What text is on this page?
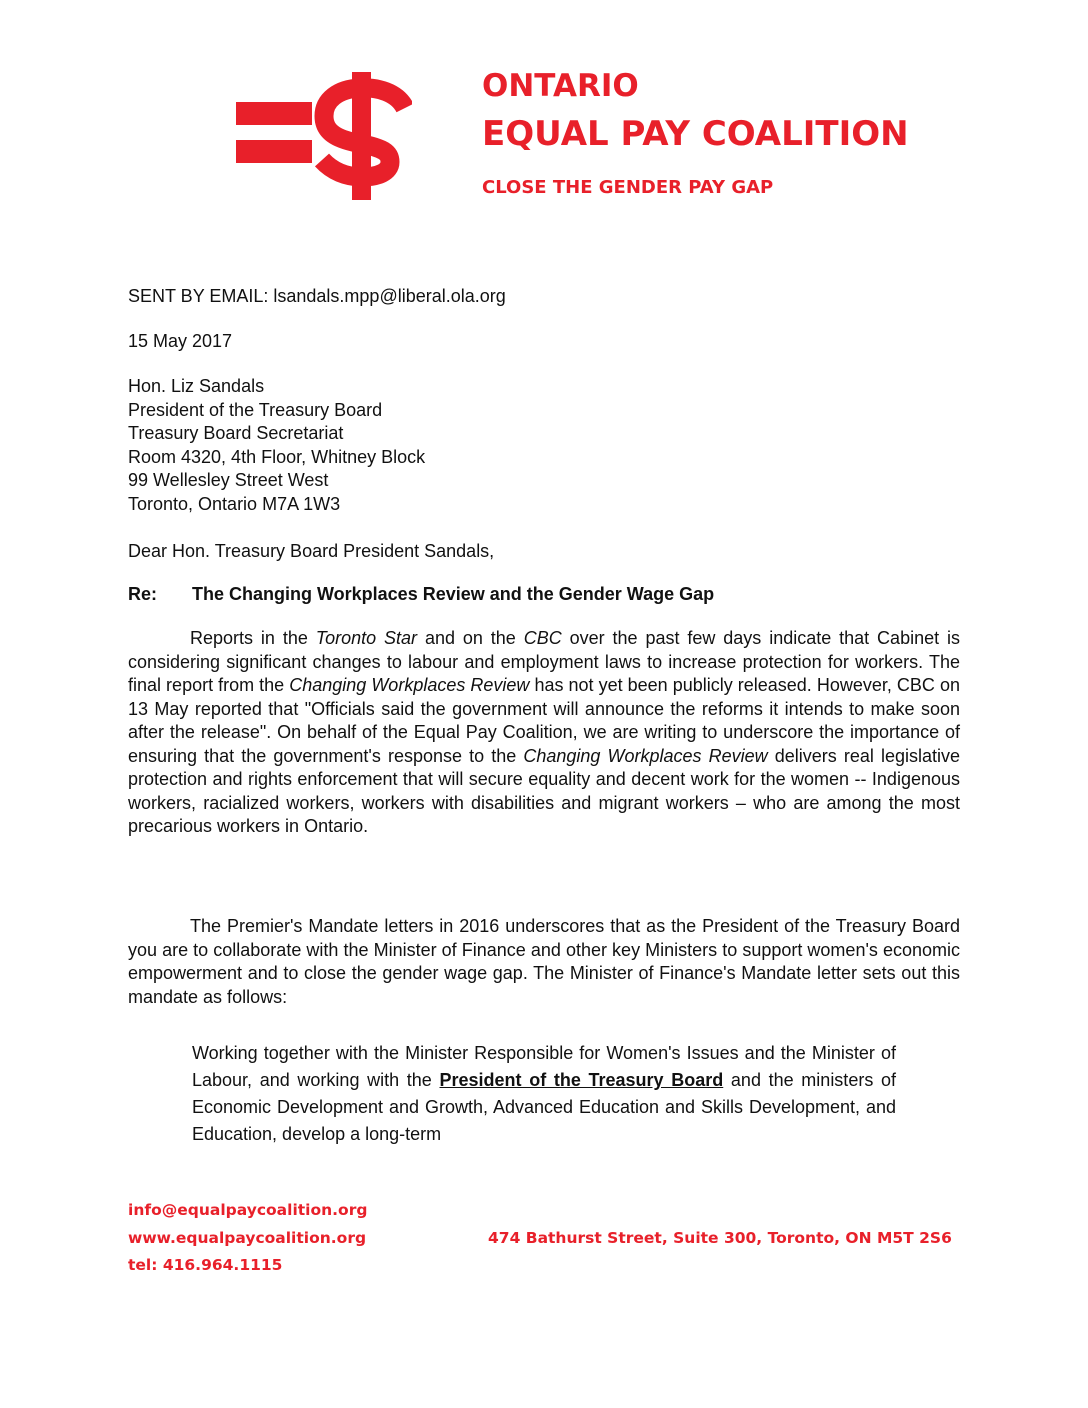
ONTARIO
EQUAL PAY COALITION
CLOSE THE GENDER PAY GAP
SENT BY EMAIL: lsandals.mpp@liberal.ola.org
15 May 2017
Hon. Liz Sandals
President of the Treasury Board
Treasury Board Secretariat
Room 4320, 4th Floor, Whitney Block
99 Wellesley Street West
Toronto, Ontario M7A 1W3
Dear Hon. Treasury Board President Sandals,
Re: The Changing Workplaces Review and the Gender Wage Gap
Reports in the Toronto Star and on the CBC over the past few days indicate that Cabinet is considering significant changes to labour and employment laws to increase protection for workers. The final report from the Changing Workplaces Review has not yet been publicly released. However, CBC on 13 May reported that "Officials said the government will announce the reforms it intends to make soon after the release". On behalf of the Equal Pay Coalition, we are writing to underscore the importance of ensuring that the government's response to the Changing Workplaces Review delivers real legislative protection and rights enforcement that will secure equality and decent work for the women -- Indigenous workers, racialized workers, workers with disabilities and migrant workers – who are among the most precarious workers in Ontario.
The Premier's Mandate letters in 2016 underscores that as the President of the Treasury Board you are to collaborate with the Minister of Finance and other key Ministers to support women's economic empowerment and to close the gender wage gap. The Minister of Finance's Mandate letter sets out this mandate as follows:
Working together with the Minister Responsible for Women's Issues and the Minister of Labour, and working with the President of the Treasury Board and the ministers of Economic Development and Growth, Advanced Education and Skills Development, and Education, develop a long-term
info@equalpaycoalition.org
www.equalpaycoalition.org
tel: 416.964.1115
474 Bathurst Street, Suite 300, Toronto, ON M5T 2S6
